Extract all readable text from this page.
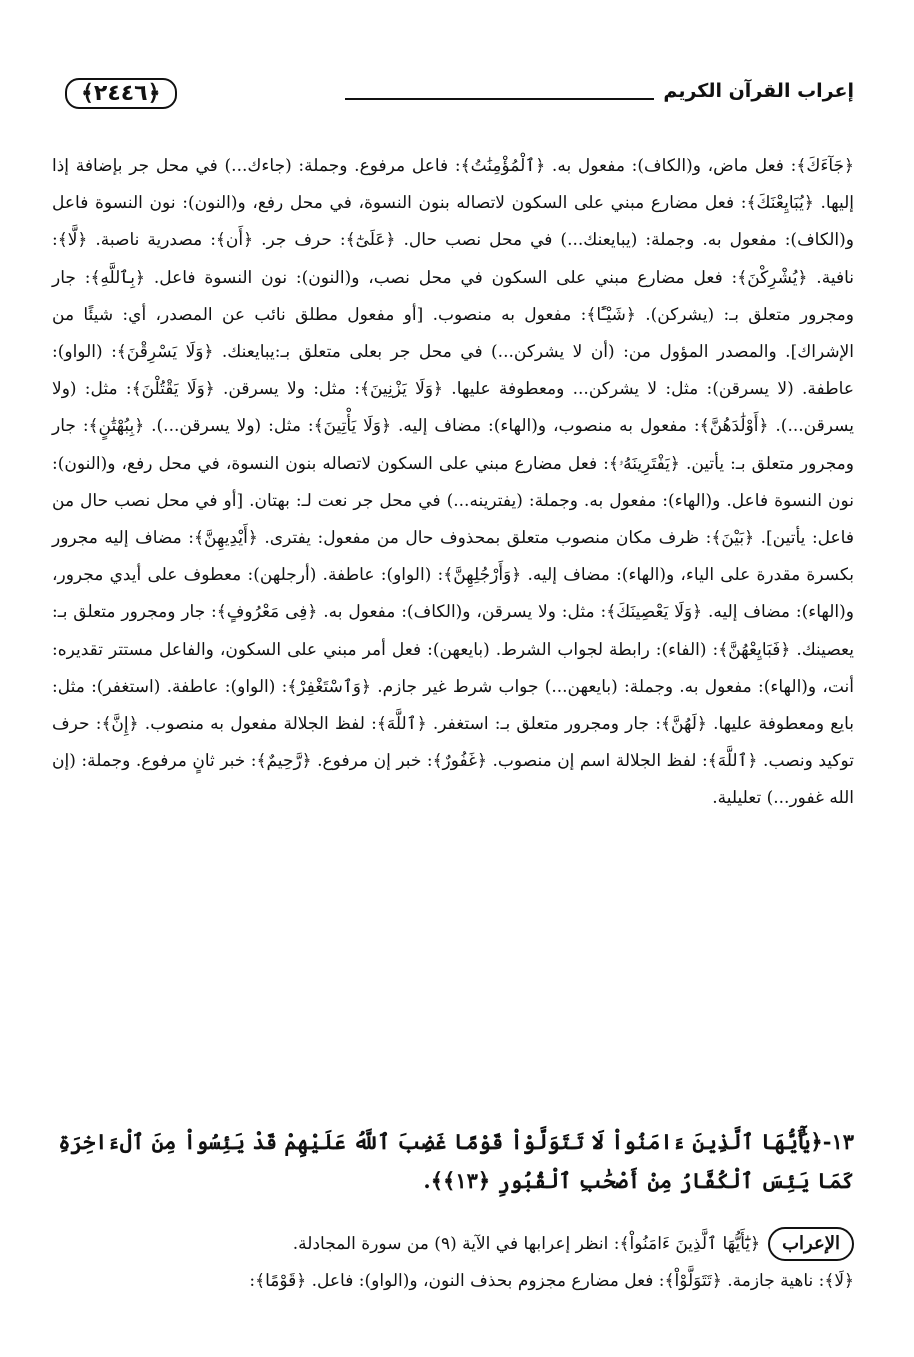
﴿٢٤٤٦﴾	إعراب القرآن الكريم

﴿جَآءَكَ﴾: فعل ماض، و(الكاف): مفعول به. ﴿ٱلْمُؤْمِنَٰتُ﴾: فاعل مرفوع. وجملة: (جاءك...) في محل جر بإضافة إذا إليها. ﴿يُبَايِعْنَكَ﴾: فعل مضارع مبني على السكون لاتصاله بنون النسوة، في محل رفع، و(النون): نون النسوة فاعل و(الكاف): مفعول به. وجملة: (يبايعنك...) في محل نصب حال. ﴿عَلَىٰٓ﴾: حرف جر. ﴿أَن﴾: مصدرية ناصبة. ﴿لَّا﴾: نافية. ﴿يُشْرِكْنَ﴾: فعل مضارع مبني على السكون في محل نصب، و(النون): نون النسوة فاعل. ﴿بِٱللَّهِ﴾: جار ومجرور متعلق بـ: (يشركن). ﴿شَيْـًٔا﴾: مفعول به منصوب. [أو مفعول مطلق نائب عن المصدر، أي: شيئًا من الإشراك]. والمصدر المؤول من: (أن لا يشركن...) في محل جر بعلى متعلق بـ:يبايعنك. ﴿وَلَا يَسْرِقْنَ﴾: (الواو): عاطفة. (لا يسرقن): مثل: لا يشركن... ومعطوفة عليها. ﴿وَلَا يَزْنِينَ﴾: مثل: ولا يسرقن. ﴿وَلَا يَقْتُلْنَ﴾: مثل: (ولا يسرقن...). ﴿أَوْلَٰدَهُنَّ﴾: مفعول به منصوب، و(الهاء): مضاف إليه. ﴿وَلَا يَأْتِينَ﴾: مثل: (ولا يسرقن...). ﴿بِبُهْتَٰنٍ﴾: جار ومجرور متعلق بـ: يأتين. ﴿يَفْتَرِينَهُۥ﴾: فعل مضارع مبني على السكون لاتصاله بنون النسوة، في محل رفع، و(النون): نون النسوة فاعل. و(الهاء): مفعول به. وجملة: (يفترينه...) في محل جر نعت لـ: بهتان. [أو في محل نصب حال من فاعل: يأتين]. ﴿بَيْنَ﴾: ظرف مكان منصوب متعلق بمحذوف حال من مفعول: يفترى. ﴿أَيْدِيهِنَّ﴾: مضاف إليه مجرور بكسرة مقدرة على الياء، و(الهاء): مضاف إليه. ﴿وَأَرْجُلِهِنَّ﴾: (الواو): عاطفة. (أرجلهن): معطوف على أيدي مجرور، و(الهاء): مضاف إليه. ﴿وَلَا يَعْصِينَكَ﴾: مثل: ولا يسرقن، و(الكاف): مفعول به. ﴿فِى مَعْرُوفٍ﴾: جار ومجرور متعلق بـ: يعصينك. ﴿فَبَايِعْهُنَّ﴾: (الفاء): رابطة لجواب الشرط. (بايعهن): فعل أمر مبني على السكون، والفاعل مستتر تقديره: أنت، و(الهاء): مفعول به. وجملة: (بايعهن...) جواب شرط غير جازم. ﴿وَٱسْتَغْفِرْ﴾: (الواو): عاطفة. (استغفر): مثل: بايع ومعطوفة عليها. ﴿لَهُنَّ﴾: جار ومجرور متعلق بـ: استغفر. ﴿ٱللَّهَ﴾: لفظ الجلالة مفعول به منصوب. ﴿إِنَّ﴾: حرف توكيد ونصب. ﴿ٱللَّهَ﴾: لفظ الجلالة اسم إن منصوب. ﴿غَفُورٌ﴾: خبر إن مرفوع. ﴿رَّحِيمٌ﴾: خبر ثانٍ مرفوع. وجملة: (إن الله غفور...) تعليلية.

١٣-﴿يَٰٓأَيُّهَا ٱلَّذِينَ ءَامَنُواْ لَا تَتَوَلَّوْاْ قَوْمًا غَضِبَ ٱللَّهُ عَلَيْهِمْ قَدْ يَئِسُواْ مِنَ ٱلْءَاخِرَةِ كَمَا يَئِسَ ٱلْكُفَّارُ مِنْ أَصْحَٰبِ ٱلْقُبُورِ ﴿١٣﴾﴾.

الإعراب﴿يَٰٓأَيُّهَا ٱلَّذِينَ ءَامَنُواْ﴾: انظر إعرابها في الآية (٩) من سورة المجادلة.

﴿لَا﴾: ناهية جازمة. ﴿تَتَوَلَّوْاْ﴾: فعل مضارع مجزوم بحذف النون، و(الواو): فاعل. ﴿قَوْمًا﴾:
